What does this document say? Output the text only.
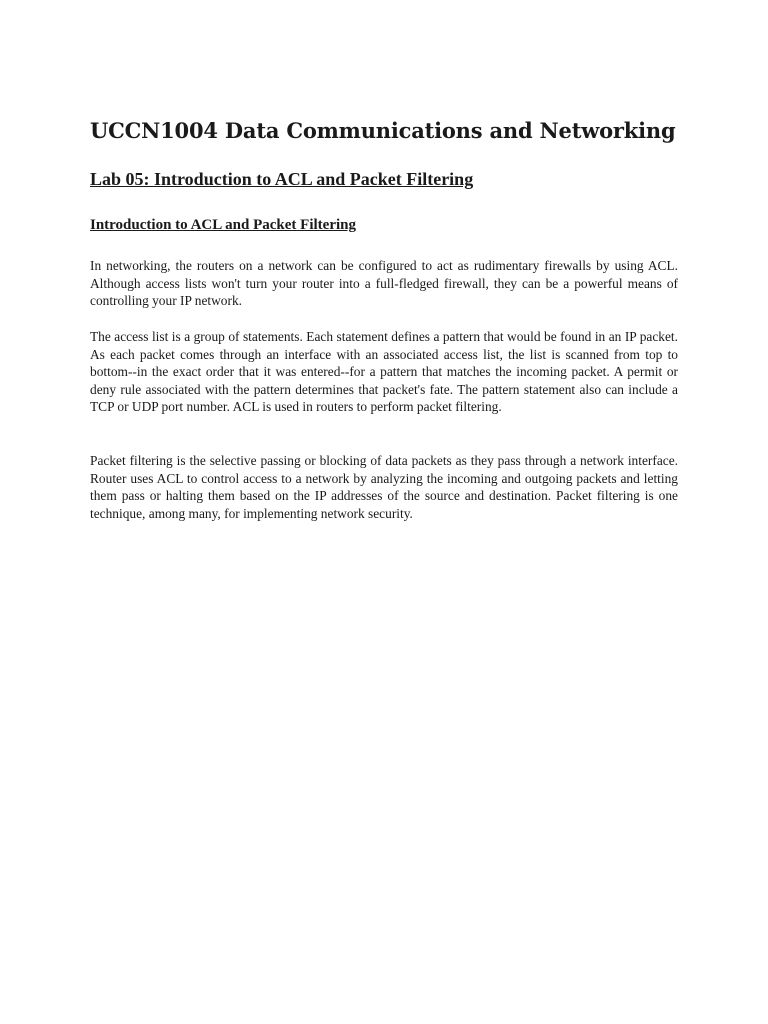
UCCN1004 Data Communications and Networking
Lab 05: Introduction to ACL and Packet Filtering
Introduction to ACL and Packet Filtering

In networking, the routers on a network can be configured to act as rudimentary firewalls by using ACL. Although access lists won't turn your router into a full-fledged firewall, they can be a powerful means of controlling your IP network.

The access list is a group of statements. Each statement defines a pattern that would be found in an IP packet. As each packet comes through an interface with an associated access list, the list is scanned from top to bottom--in the exact order that it was entered--for a pattern that matches the incoming packet. A permit or deny rule associated with the pattern determines that packet's fate. The pattern statement also can include a TCP or UDP port number. ACL is used in routers to perform packet filtering.

Packet filtering is the selective passing or blocking of data packets as they pass through a network interface. Router uses ACL to control access to a network by analyzing the incoming and outgoing packets and letting them pass or halting them based on the IP addresses of the source and destination. Packet filtering is one technique, among many, for implementing network security.
